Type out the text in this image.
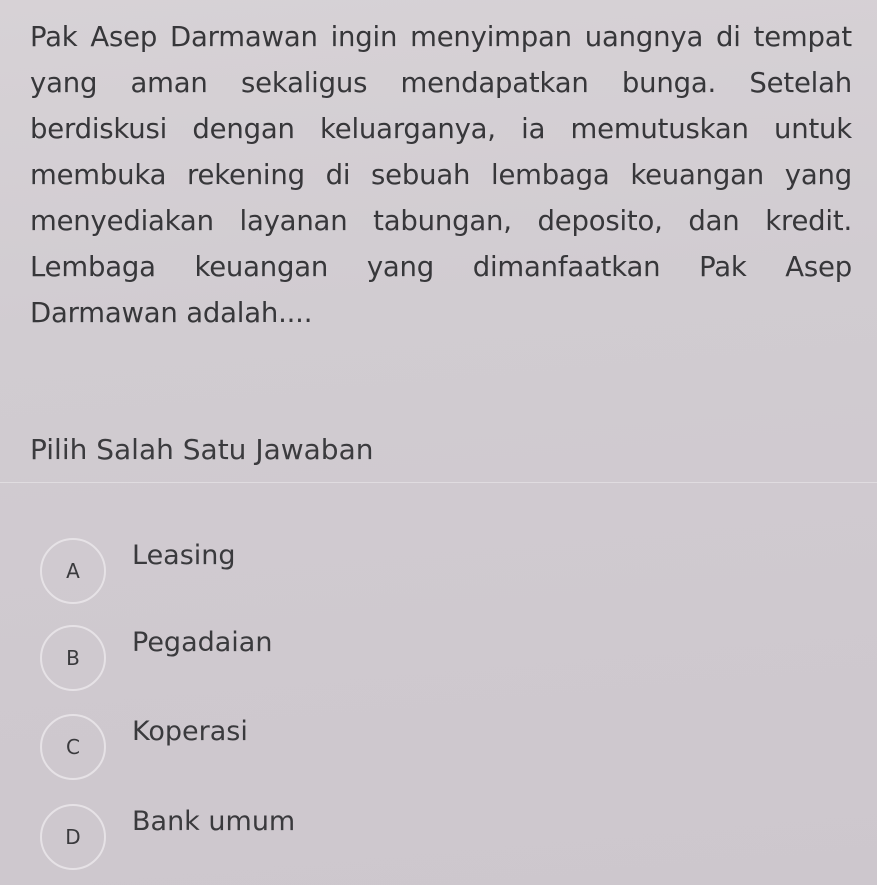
Pak Asep Darmawan ingin menyimpan uangnya di tempat
yang aman sekaligus mendapatkan bunga. Setelah
berdiskusi dengan keluarganya, ia memutuskan untuk
membuka rekening di sebuah lembaga keuangan yang
menyediakan layanan tabungan, deposito, dan kredit.
Lembaga keuangan yang dimanfaatkan Pak Asep
Darmawan adalah....
Pilih Salah Satu Jawaban
A	Leasing
B	Pegadaian
C	Koperasi
D	Bank umum
